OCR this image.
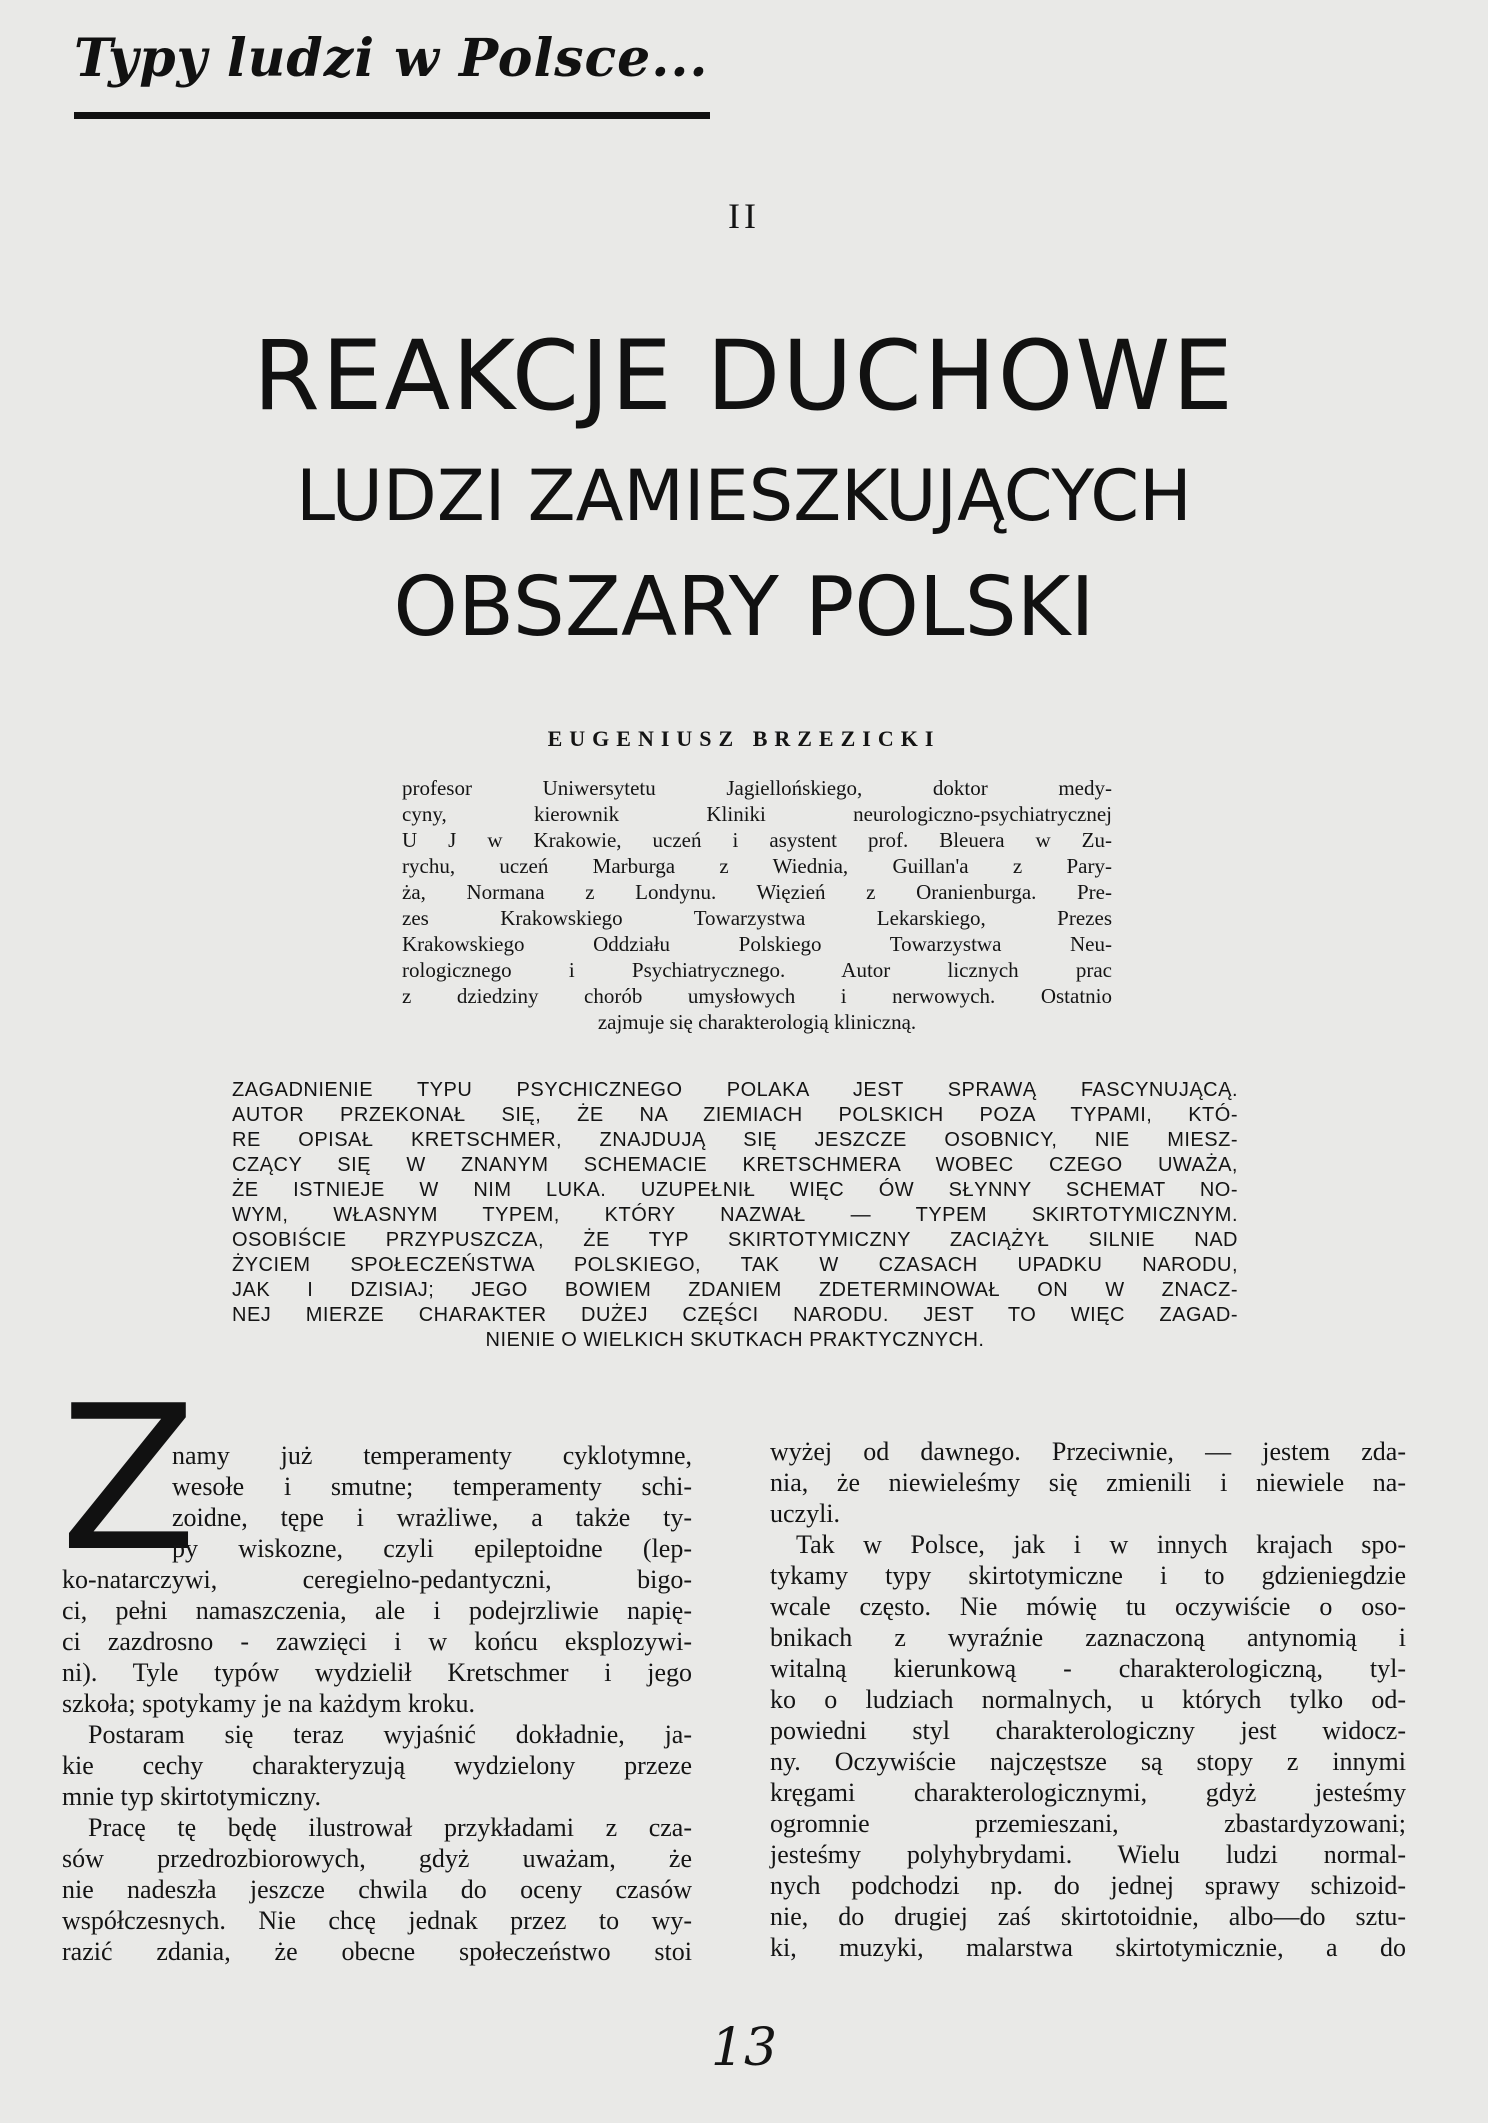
Typy ludzi w Polsce...
II
REAKCJE DUCHOWE
LUDZI ZAMIESZKUJĄCYCH
OBSZARY POLSKI
EUGENIUSZ BRZEZICKI
profesor Uniwersytetu Jagiellońskiego, doktor medy-
cyny, kierownik Kliniki neurologiczno-psychiatrycznej
U J w Krakowie, uczeń i asystent prof. Bleuera w Zu-
rychu, uczeń Marburga z Wiednia, Guillan'a z Pary-
ża, Normana z Londynu. Więzień z Oranienburga. Pre-
zes Krakowskiego Towarzystwa Lekarskiego, Prezes
Krakowskiego Oddziału Polskiego Towarzystwa Neu-
rologicznego i Psychiatrycznego. Autor licznych prac
z dziedziny chorób umysłowych i nerwowych. Ostatnio
zajmuje się charakterologią kliniczną.
ZAGADNIENIE TYPU PSYCHICZNEGO POLAKA JEST SPRAWĄ FASCYNUJĄCĄ.
AUTOR PRZEKONAŁ SIĘ, ŻE NA ZIEMIACH POLSKICH POZA TYPAMI, KTÓ-
RE OPISAŁ KRETSCHMER, ZNAJDUJĄ SIĘ JESZCZE OSOBNICY, NIE MIESZ-
CZĄCY SIĘ W ZNANYM SCHEMACIE KRETSCHMERA WOBEC CZEGO UWAŻA,
ŻE ISTNIEJE W NIM LUKA. UZUPEŁNIŁ WIĘC ÓW SŁYNNY SCHEMAT NO-
WYM, WŁASNYM TYPEM, KTÓRY NAZWAŁ — TYPEM SKIRTOTYMICZNYM.
OSOBIŚCIE PRZYPUSZCZA, ŻE TYP SKIRTOTYMICZNY ZACIĄŻYŁ SILNIE NAD
ŻYCIEM SPOŁECZEŃSTWA POLSKIEGO, TAK W CZASACH UPADKU NARODU,
JAK I DZISIAJ; JEGO BOWIEM ZDANIEM ZDETERMINOWAŁ ON W ZNACZ-
NEJ MIERZE CHARAKTER DUŻEJ CZĘŚCI NARODU. JEST TO WIĘC ZAGAD-
NIENIE O WIELKICH SKUTKACH PRAKTYCZNYCH.
Z
namy już temperamenty cyklotymne,
wesołe i smutne; temperamenty schi-
zoidne, tępe i wrażliwe, a także ty-
py wiskozne, czyli epileptoidne (lep-
ko-natarczywi, ceregielno-pedantyczni, bigo-
ci, pełni namaszczenia, ale i podejrzliwie napię-
ci zazdrosno - zawzięci i w końcu eksplozywi-
ni). Tyle typów wydzielił Kretschmer i jego
szkoła; spotykamy je na każdym kroku.
Postaram się teraz wyjaśnić dokładnie, ja-
kie cechy charakteryzują wydzielony przeze
mnie typ skirtotymiczny.
Pracę tę będę ilustrował przykładami z cza-
sów przedrozbiorowych, gdyż uważam, że
nie nadeszła jeszcze chwila do oceny czasów
współczesnych. Nie chcę jednak przez to wy-
razić zdania, że obecne społeczeństwo stoi
wyżej od dawnego. Przeciwnie, — jestem zda-
nia, że niewieleśmy się zmienili i niewiele na-
uczyli.
Tak w Polsce, jak i w innych krajach spo-
tykamy typy skirtotymiczne i to gdzieniegdzie
wcale często. Nie mówię tu oczywiście o oso-
bnikach z wyraźnie zaznaczoną antynomią i
witalną kierunkową - charakterologiczną, tyl-
ko o ludziach normalnych, u których tylko od-
powiedni styl charakterologiczny jest widocz-
ny. Oczywiście najczęstsze są stopy z innymi
kręgami charakterologicznymi, gdyż jesteśmy
ogromnie przemieszani, zbastardyzowani;
jesteśmy polyhybrydami. Wielu ludzi normal-
nych podchodzi np. do jednej sprawy schizoid-
nie, do drugiej zaś skirtotoidnie, albo—do sztu-
ki, muzyki, malarstwa skirtotymicznie, a do
13
